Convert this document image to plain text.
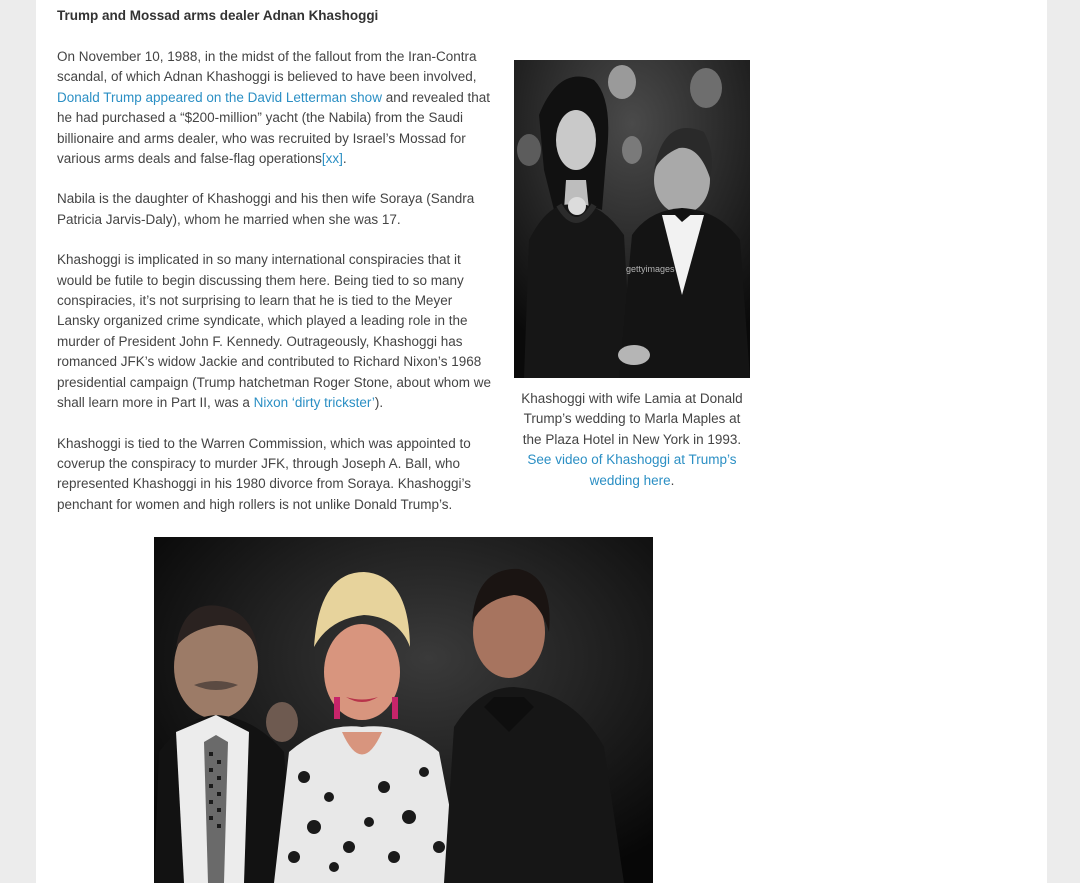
Trump and Mossad arms dealer Adnan Khashoggi

On November 10, 1988, in the midst of the fallout from the Iran-Contra scandal, of which Adnan Khashoggi is believed to have been involved, Donald Trump appeared on the David Letterman show and revealed that he had purchased a “$200-million” yacht (the Nabila) from the Saudi billionaire and arms dealer, who was recruited by Israel’s Mossad for various arms deals and false-flag operations[xx].

Nabila is the daughter of Khashoggi and his then wife Soraya (Sandra Patricia Jarvis-Daly), whom he married when she was 17.

Khashoggi is implicated in so many international conspiracies that it would be futile to begin discussing them here. Being tied to so many conspiracies, it’s not surprising to learn that he is tied to the Meyer Lansky organized crime syndicate, which played a leading role in the murder of President John F. Kennedy. Outrageously, Khashoggi has romanced JFK’s widow Jackie and contributed to Richard Nixon’s 1968 presidential campaign (Trump hatchetman Roger Stone, about whom we shall learn more in Part II, was a Nixon ‘dirty trickster’).

Khashoggi is tied to the Warren Commission, which was appointed to coverup the conspiracy to murder JFK, through Joseph A. Ball, who represented Khashoggi in his 1980 divorce from Soraya. Khashoggi’s penchant for women and high rollers is not unlike Donald Trump’s.

gettyimages
Khashoggi with wife Lamia at Donald Trump’s wedding to Marla Maples at the Plaza Hotel in New York in 1993. See video of Khashoggi at Trump’s wedding here.
